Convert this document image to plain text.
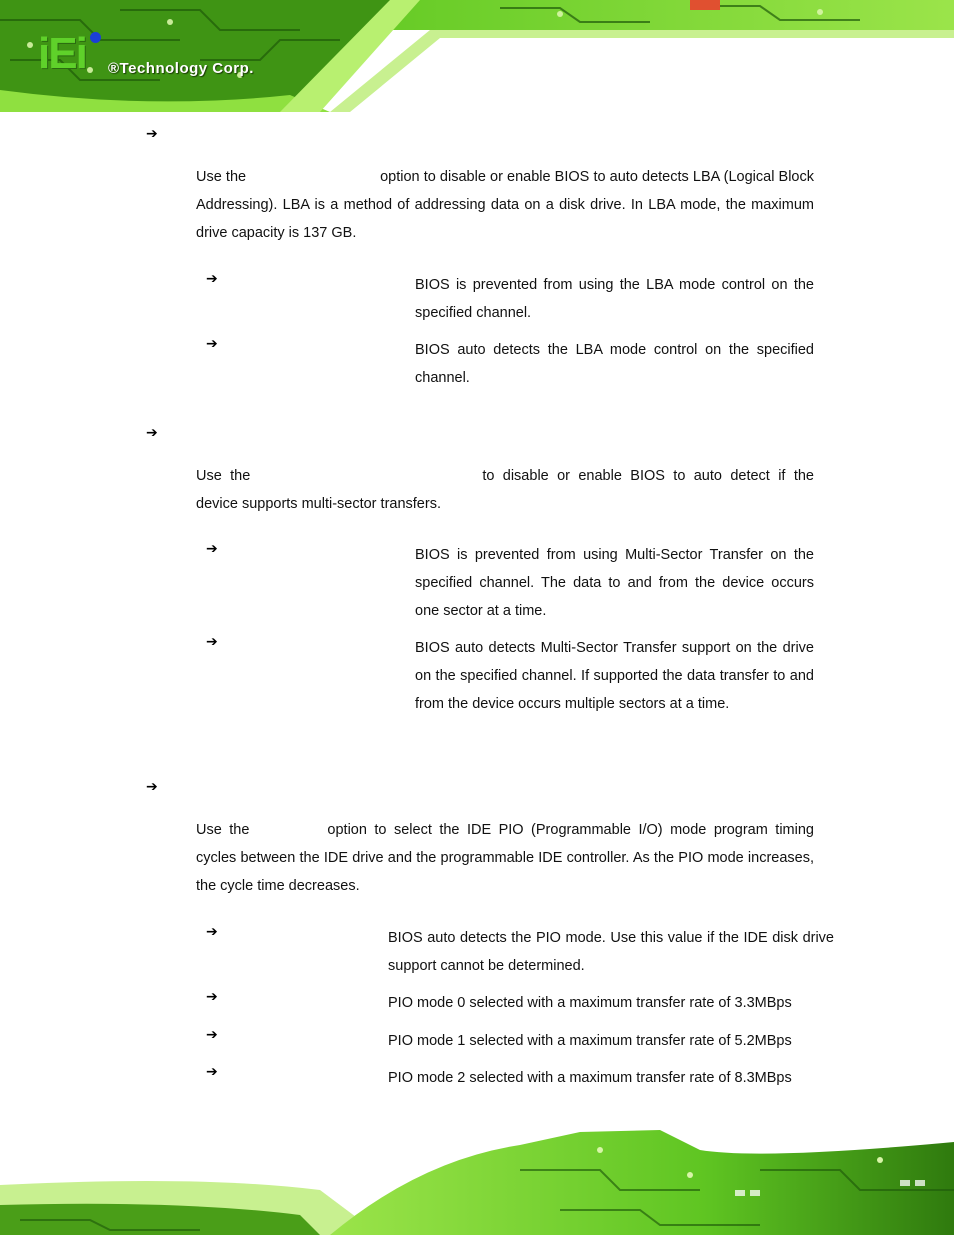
iEi ®Technology Corp.
➔
Use the	option to disable or enable BIOS to auto detects LBA (Logical Block Addressing). LBA is a method of addressing data on a disk drive. In LBA mode, the maximum drive capacity is 137 GB.
➔	BIOS is prevented from using the LBA mode control on the specified channel.
➔	BIOS auto detects the LBA mode control on the specified channel.
➔
Use the	to disable or enable BIOS to auto detect if the device supports multi-sector transfers.
➔	BIOS is prevented from using Multi-Sector Transfer on the specified channel. The data to and from the device occurs one sector at a time.
➔	BIOS auto detects Multi-Sector Transfer support on the drive on the specified channel. If supported the data transfer to and from the device occurs multiple sectors at a time.
➔
Use the	option to select the IDE PIO (Programmable I/O) mode program timing cycles between the IDE drive and the programmable IDE controller. As the PIO mode increases, the cycle time decreases.
➔	BIOS auto detects the PIO mode. Use this value if the IDE disk drive support cannot be determined.
➔	PIO mode 0 selected with a maximum transfer rate of 3.3MBps
➔	PIO mode 1 selected with a maximum transfer rate of 5.2MBps
➔	PIO mode 2 selected with a maximum transfer rate of 8.3MBps
